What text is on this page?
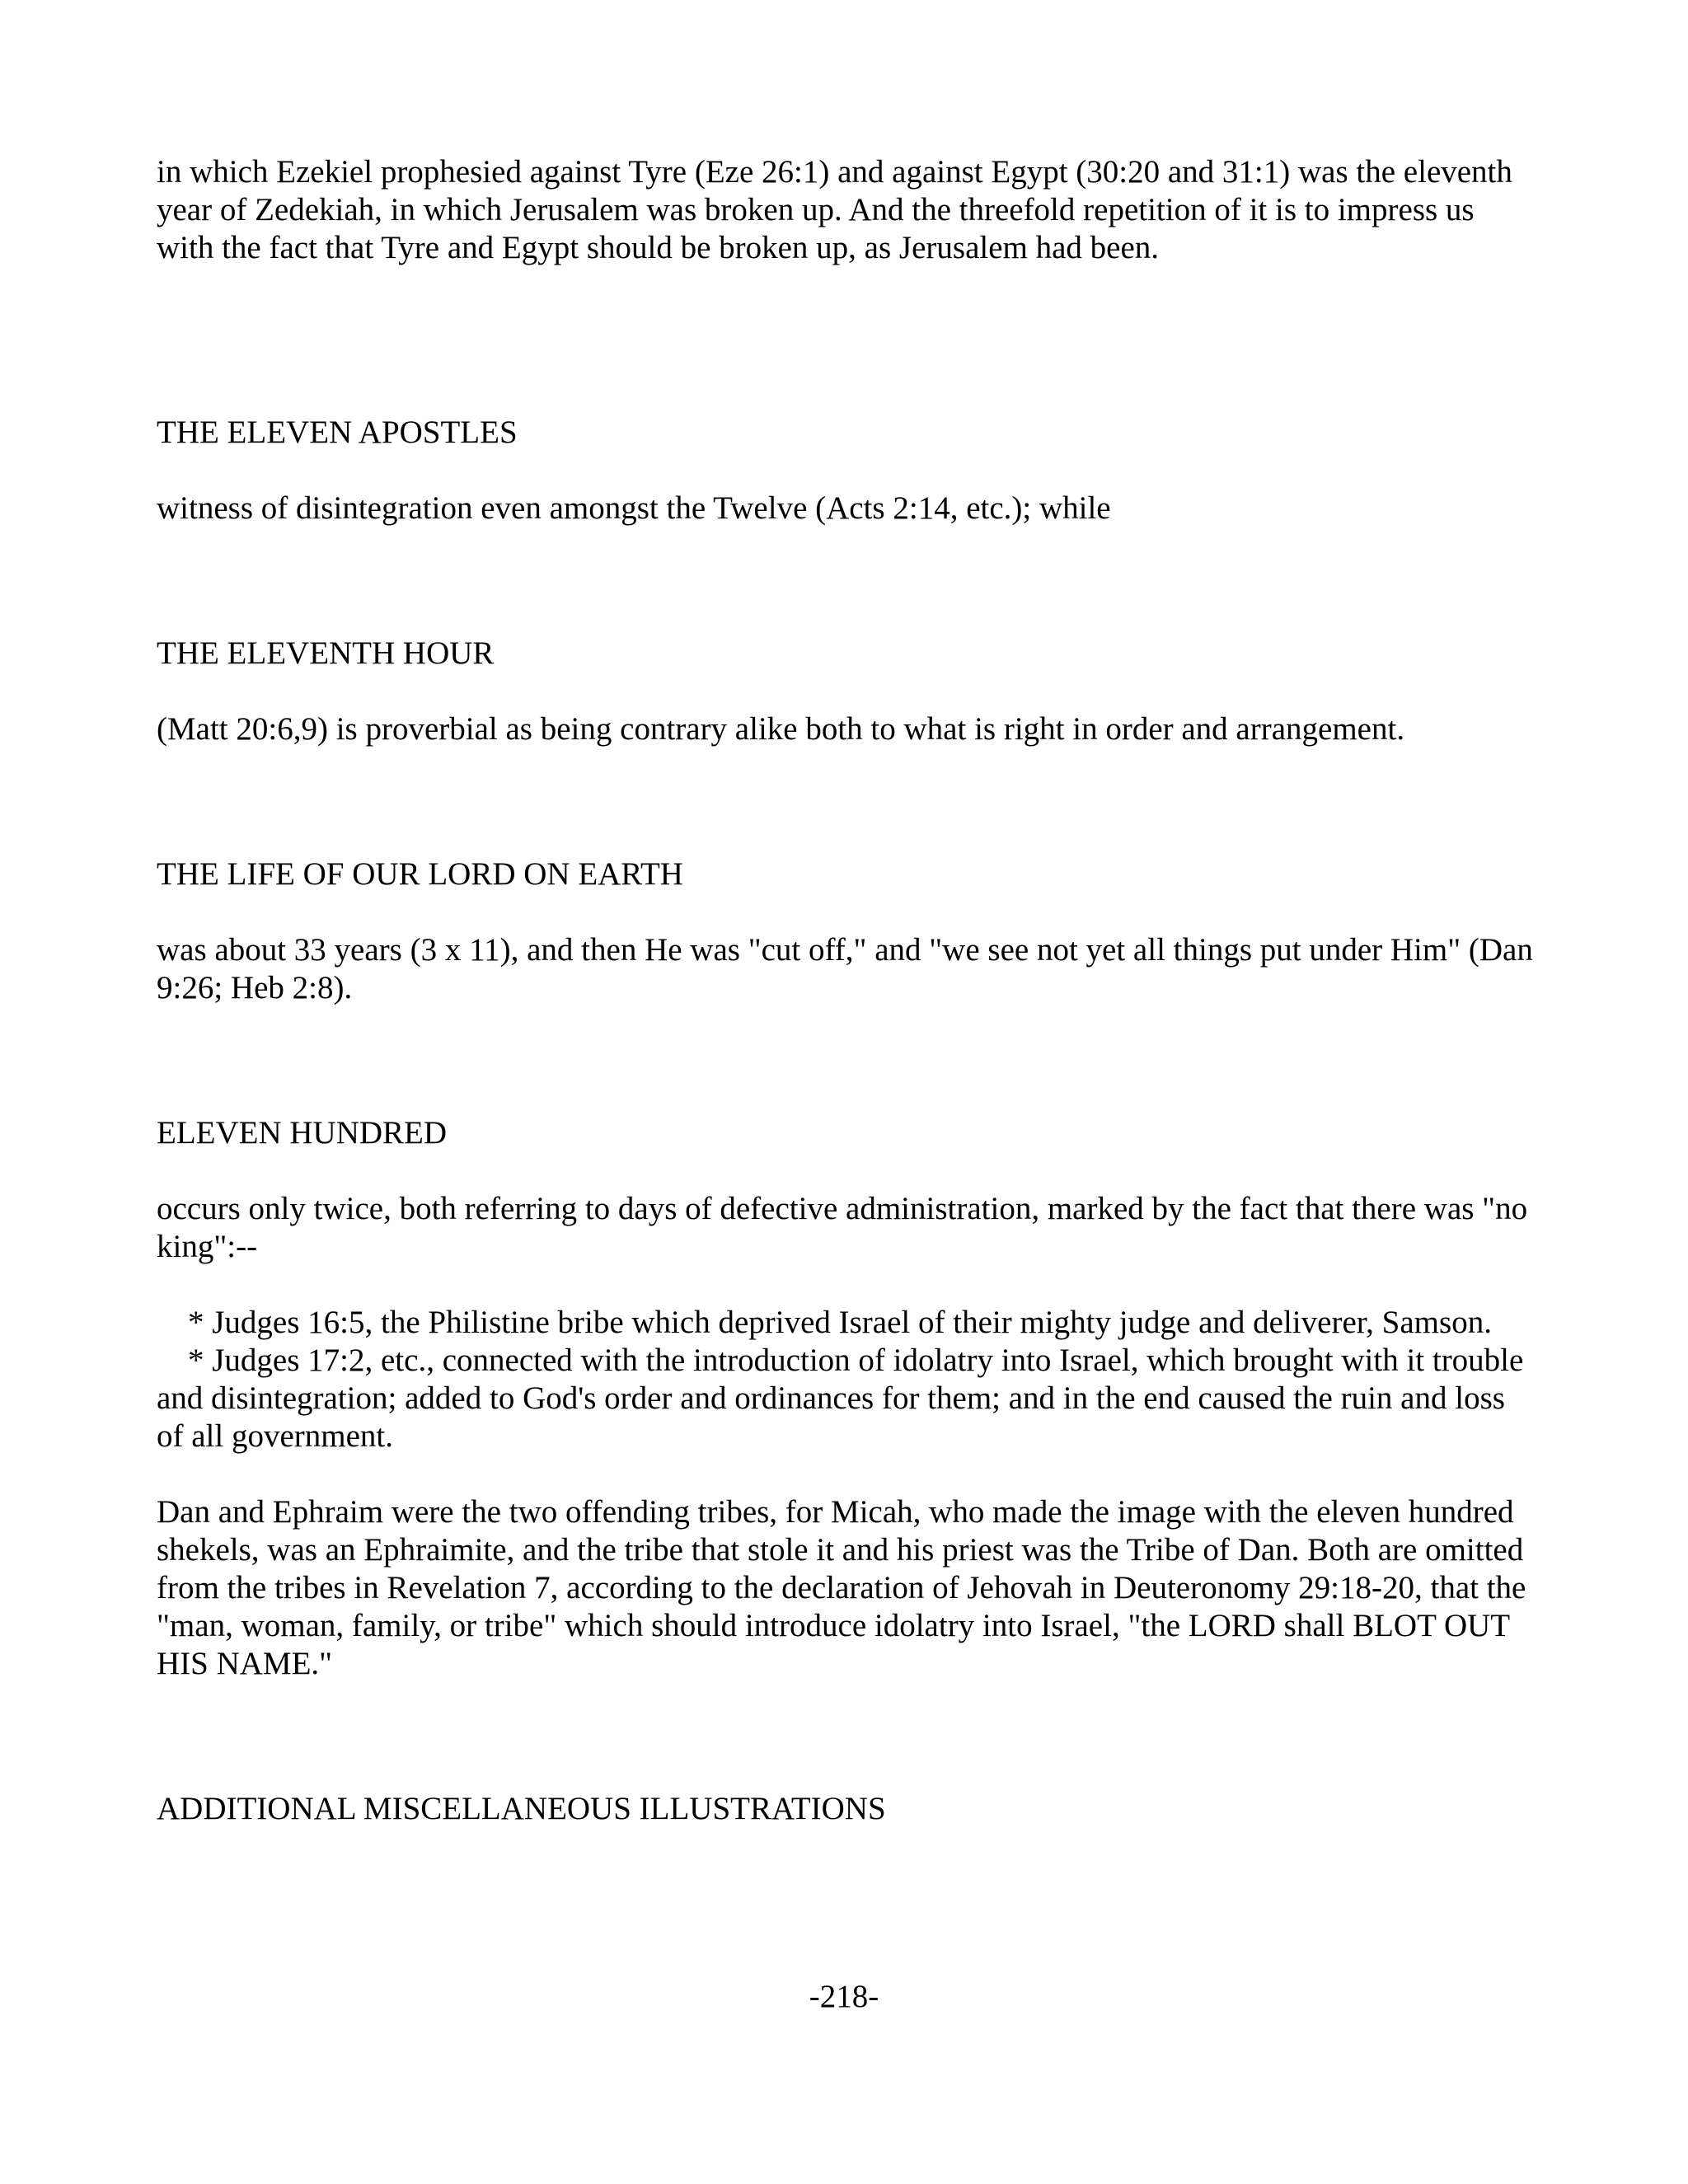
in which Ezekiel prophesied against Tyre (Eze 26:1) and against Egypt (30:20 and 31:1) was the eleventh year of Zedekiah, in which Jerusalem was broken up. And the threefold repetition of it is to impress us with the fact that Tyre and Egypt should be broken up, as Jerusalem had been.

THE ELEVEN APOSTLES

witness of disintegration even amongst the Twelve (Acts 2:14, etc.); while

THE ELEVENTH HOUR

(Matt 20:6,9) is proverbial as being contrary alike both to what is right in order and arrangement.

THE LIFE OF OUR LORD ON EARTH

was about 33 years (3 x 11), and then He was "cut off," and "we see not yet all things put under Him" (Dan 9:26; Heb 2:8).

ELEVEN HUNDRED

occurs only twice, both referring to days of defective administration, marked by the fact that there was "no king":--

* Judges 16:5, the Philistine bribe which deprived Israel of their mighty judge and deliverer, Samson.

* Judges 17:2, etc., connected with the introduction of idolatry into Israel, which brought with it trouble and disintegration; added to God's order and ordinances for them; and in the end caused the ruin and loss of all government.

Dan and Ephraim were the two offending tribes, for Micah, who made the image with the eleven hundred shekels, was an Ephraimite, and the tribe that stole it and his priest was the Tribe of Dan. Both are omitted from the tribes in Revelation 7, according to the declaration of Jehovah in Deuteronomy 29:18-20, that the "man, woman, family, or tribe" which should introduce idolatry into Israel, "the LORD shall BLOT OUT HIS NAME."

ADDITIONAL MISCELLANEOUS ILLUSTRATIONS
-218-
